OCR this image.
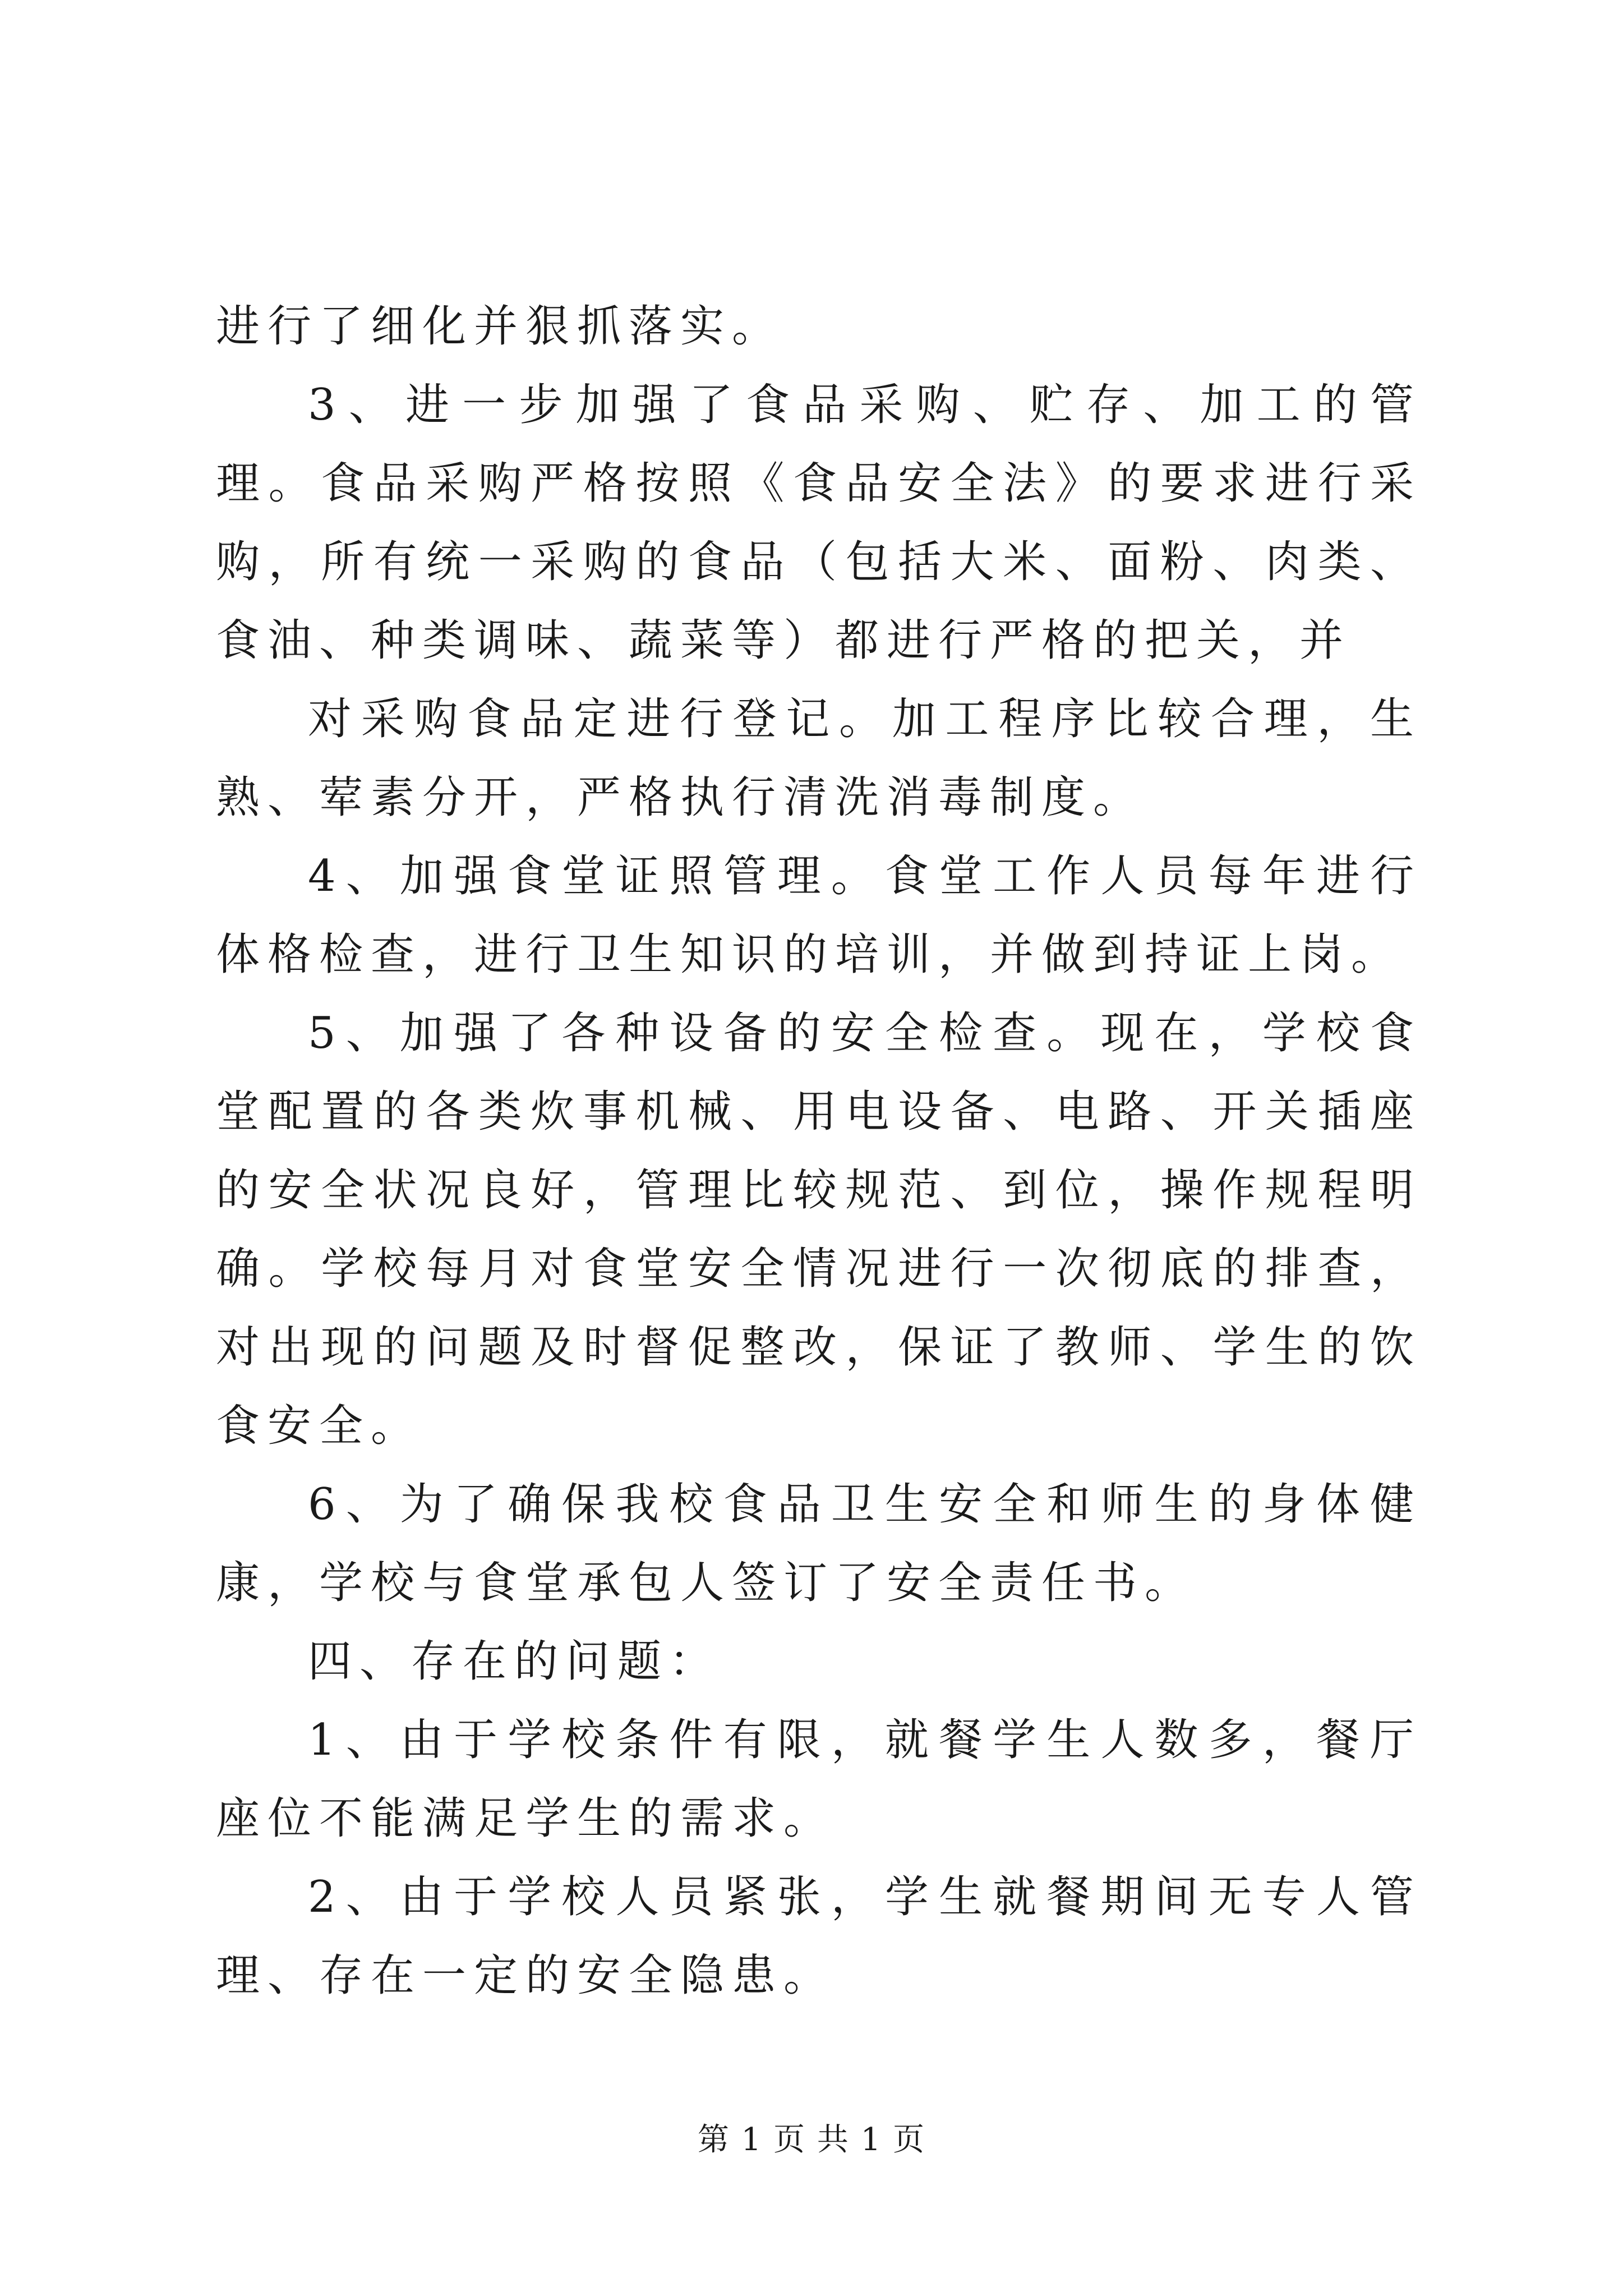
进行了细化并狠抓落实。

3、进一步加强了食品采购、贮存、加工的管理。食品采购严格按照《食品安全法》的要求进行采购，所有统一采购的食品（包括大米、面粉、肉类、食油、种类调味、蔬菜等）都进行严格的把关，并

对采购食品定进行登记。加工程序比较合理，生熟、荤素分开，严格执行清洗消毒制度。

4、加强食堂证照管理。食堂工作人员每年进行体格检查，进行卫生知识的培训，并做到持证上岗。

5、加强了各种设备的安全检查。现在，学校食堂配置的各类炊事机械、用电设备、电路、开关插座的安全状况良好，管理比较规范、到位，操作规程明确。学校每月对食堂安全情况进行一次彻底的排查，对出现的问题及时督促整改，保证了教师、学生的饮食安全。

6、为了确保我校食品卫生安全和师生的身体健康，学校与食堂承包人签订了安全责任书。

四、存在的问题：

1、由于学校条件有限，就餐学生人数多，餐厅座位不能满足学生的需求。

2、由于学校人员紧张，学生就餐期间无专人管理、存在一定的安全隐患。

第 1 页 共 1 页
